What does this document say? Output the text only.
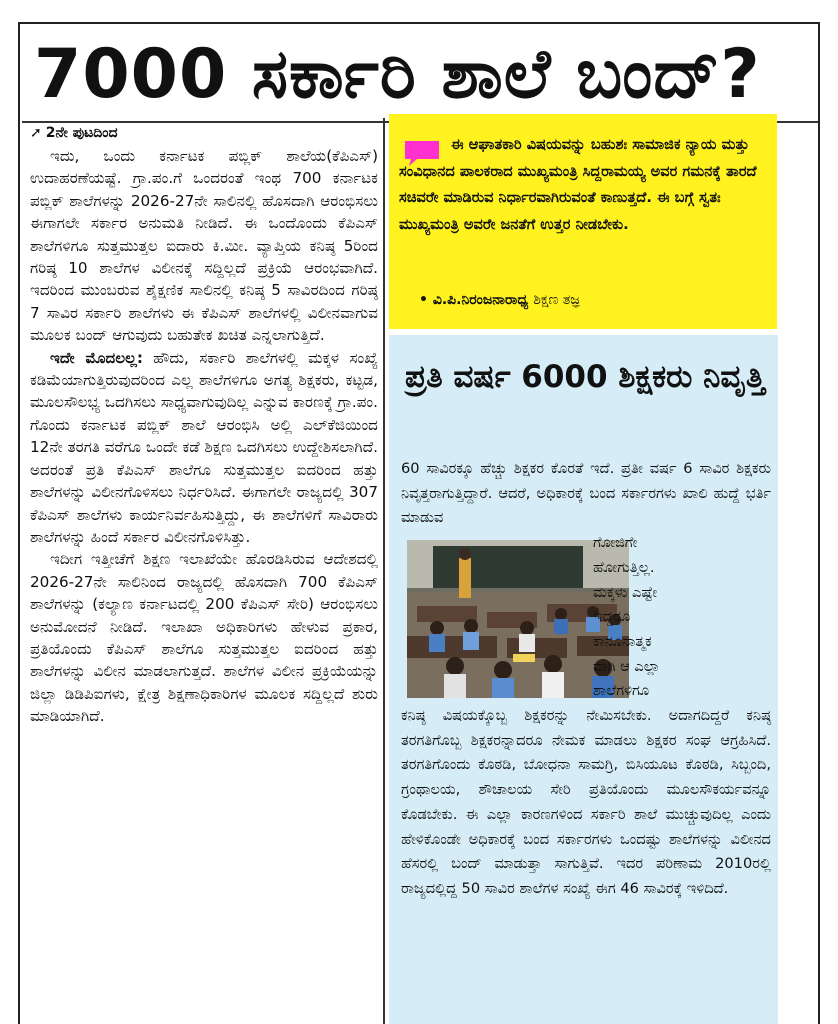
7000 ಸರ್ಕಾರಿ ಶಾಲೆ ಬಂದ್?
➚ 2ನೇ ಪುಟದಿಂದ

ಇದು, ಒಂದು ಕರ್ನಾಟಕ ಪಬ್ಲಿಕ್ ಶಾಲೆಯ(ಕೆಪಿಎಸ್) ಉದಾಹರಣೆಯಷ್ಟೆ. ಗ್ರಾ.ಪಂ.ಗೆ ಒಂದರಂತೆ ಇಂಥ 700 ಕರ್ನಾಟಕ ಪಬ್ಲಿಕ್ ಶಾಲೆಗಳನ್ನು 2026-27ನೇ ಸಾಲಿನಲ್ಲಿ ಹೊಸದಾಗಿ ಆರಂಭಿಸಲು ಈಗಾಗಲೇ ಸರ್ಕಾರ ಅನುಮತಿ ನೀಡಿದೆ. ಈ ಒಂದೊಂದು ಕೆಪಿಎಸ್ ಶಾಲೆಗಳಿಗೂ ಸುತ್ತಮುತ್ತಲ ಐದಾರು ಕಿ.ಮೀ. ವ್ಯಾಪ್ತಿಯ ಕನಿಷ್ಠ 5ರಿಂದ ಗರಿಷ್ಠ 10 ಶಾಲೆಗಳ ವಿಲೀನಕ್ಕೆ ಸದ್ದಿಲ್ಲದೆ ಪ್ರಕ್ರಿಯೆ ಆರಂಭವಾಗಿದೆ. ಇದರಿಂದ ಮುಂಬರುವ ಶೈಕ್ಷಣಿಕ ಸಾಲಿನಲ್ಲಿ ಕನಿಷ್ಠ 5 ಸಾವಿರದಿಂದ ಗರಿಷ್ಠ 7 ಸಾವಿರ ಸರ್ಕಾರಿ ಶಾಲೆಗಳು ಈ ಕೆಪಿಎಸ್ ಶಾಲೆಗಳಲ್ಲಿ ವಿಲೀನವಾಗುವ ಮೂಲಕ ಬಂದ್ ಆಗುವುದು ಬಹುತೇಕ ಖಚಿತ ಎನ್ನಲಾಗುತ್ತಿದೆ.

ಇದೇ ಮೊದಲಲ್ಲ: ಹೌದು, ಸರ್ಕಾರಿ ಶಾಲೆಗಳಲ್ಲಿ ಮಕ್ಕಳ ಸಂಖ್ಯೆ ಕಡಿಮೆಯಾಗುತ್ತಿರುವುದರಿಂದ ಎಲ್ಲ ಶಾಲೆಗಳಿಗೂ ಅಗತ್ಯ ಶಿಕ್ಷಕರು, ಕಟ್ಟಡ, ಮೂಲಸೌಲಭ್ಯ ಒದಗಿಸಲು ಸಾಧ್ಯವಾಗುವುದಿಲ್ಲ ಎನ್ನುವ ಕಾರಣಕ್ಕೆ ಗ್ರಾ.ಪಂ. ಗೊಂದು ಕರ್ನಾಟಕ ಪಬ್ಲಿಕ್ ಶಾಲೆ ಆರಂಭಿಸಿ ಅಲ್ಲಿ ಎಲ್‌ಕೆಜಿಯಿಂದ 12ನೇ ತರಗತಿ ವರೆಗೂ ಒಂದೇ ಕಡೆ ಶಿಕ್ಷಣ ಒದಗಿಸಲು ಉದ್ದೇಶಿಸಲಾಗಿದೆ. ಅದರಂತೆ ಪ್ರತಿ ಕೆಪಿಎಸ್ ಶಾಲೆಗೂ ಸುತ್ತಮುತ್ತಲ ಐದರಿಂದ ಹತ್ತು ಶಾಲೆಗಳನ್ನು ವಿಲೀನಗೊಳಿಸಲು ನಿರ್ಧರಿಸಿದೆ. ಈಗಾಗಲೇ ರಾಜ್ಯದಲ್ಲಿ 307 ಕೆಪಿಎಸ್ ಶಾಲೆಗಳು ಕಾರ್ಯನಿರ್ವಹಿಸುತ್ತಿದ್ದು, ಈ ಶಾಲೆಗಳಿಗೆ ಸಾವಿರಾರು ಶಾಲೆಗಳನ್ನು ಹಿಂದೆ ಸರ್ಕಾರ ವಿಲೀನಗೊಳಿಸಿತ್ತು.

ಇದೀಗ ಇತ್ತೀಚೆಗೆ ಶಿಕ್ಷಣ ಇಲಾಖೆಯೇ ಹೊರಡಿಸಿರುವ ಆದೇಶದಲ್ಲಿ 2026-27ನೇ ಸಾಲಿನಿಂದ ರಾಜ್ಯದಲ್ಲಿ ಹೊಸದಾಗಿ 700 ಕೆಪಿಎಸ್ ಶಾಲೆಗಳನ್ನು (ಕಲ್ಯಾಣ ಕರ್ನಾಟದಲ್ಲಿ 200 ಕೆಪಿಎಸ್ ಸೇರಿ) ಆರಂಭಿಸಲು ಅನುಮೋದನೆ ನೀಡಿದೆ. ಇಲಾಖಾ ಅಧಿಕಾರಿಗಳು ಹೇಳುವ ಪ್ರಕಾರ, ಪ್ರತಿಯೊಂದು ಕೆಪಿಎಸ್ ಶಾಲೆಗೂ ಸುತ್ತಮುತ್ತಲ ಐದರಿಂದ ಹತ್ತು ಶಾಲೆಗಳನ್ನು ವಿಲೀನ ಮಾಡಲಾಗುತ್ತದೆ. ಶಾಲೆಗಳ ವಿಲೀನ ಪ್ರಕ್ರಿಯೆಯನ್ನು ಜಿಲ್ಲಾ ಡಿಡಿಪಿಐಗಳು, ಕ್ಷೇತ್ರ ಶಿಕ್ಷಣಾಧಿಕಾರಿಗಳ ಮೂಲಕ ಸದ್ದಿಲ್ಲದೆ ಶುರು ಮಾಡಿಯಾಗಿದೆ.

ಈ ಆಘಾತಕಾರಿ ವಿಷಯವನ್ನು ಬಹುಶಃ ಸಾಮಾಜಿಕ ನ್ಯಾಯ ಮತ್ತು ಸಂವಿಧಾನದ ಪಾಲಕರಾದ ಮುಖ್ಯಮಂತ್ರಿ ಸಿದ್ದರಾಮಯ್ಯ ಅವರ ಗಮನಕ್ಕೆ ತಾರದೆ ಸಚಿವರೇ ಮಾಡಿರುವ ನಿರ್ಧಾರವಾಗಿರುವಂತೆ ಕಾಣುತ್ತದೆ. ಈ ಬಗ್ಗೆ ಸ್ವತಃ ಮುಖ್ಯಮಂತ್ರಿ ಅವರೇ ಜನತೆಗೆ ಉತ್ತರ ನೀಡಬೇಕು.
• ವಿ.ಪಿ.ನಿರಂಜನಾರಾಧ್ಯ ಶಿಕ್ಷಣ ತಜ್ಞ
ಪ್ರತಿ ವರ್ಷ 6000 ಶಿಕ್ಷಕರು ನಿವೃತ್ತಿ

60 ಸಾವಿರಕ್ಕೂ ಹೆಚ್ಚು ಶಿಕ್ಷಕರ ಕೊರತೆ ಇದೆ. ಪ್ರತೀ ವರ್ಷ 6 ಸಾವಿರ ಶಿಕ್ಷಕರು ನಿವೃತ್ತರಾಗುತ್ತಿದ್ದಾರೆ. ಆದರೆ, ಅಧಿಕಾರಕ್ಕೆ ಬಂದ ಸರ್ಕಾರಗಳು ಖಾಲಿ ಹುದ್ದೆ ಭರ್ತಿ ಮಾಡುವ

ಗೋಜಿಗೇ
ಹೋಗುತ್ತಿಲ್ಲ.
ಮಕ್ಕಳು ಎಷ್ಟೇ
ಇದ್ದರೂ
ಕಾನೂನಾತ್ಮಕ
ವಾಗಿ ಆ ಎಲ್ಲಾ
ಶಾಲೆಗಳಿಗೂ

ಕನಿಷ್ಠ ವಿಷಯಕ್ಕೊಬ್ಬ ಶಿಕ್ಷಕರನ್ನು ನೇಮಿಸಬೇಕು. ಅದಾಗದಿದ್ದರೆ ಕನಿಷ್ಠ ತರಗತಿಗೊಬ್ಬ ಶಿಕ್ಷಕರನ್ನಾದರೂ ನೇಮಕ ಮಾಡಲು ಶಿಕ್ಷಕರ ಸಂಘ ಆಗ್ರಹಿಸಿದೆ. ತರಗತಿಗೊಂದು ಕೊಠಡಿ, ಬೋಧನಾ ಸಾಮಗ್ರಿ, ಬಿಸಿಯೂಟ ಕೊಠಡಿ, ಸಿಬ್ಬಂದಿ, ಗ್ರಂಥಾಲಯ, ಶೌಚಾಲಯ ಸೇರಿ ಪ್ರತಿಯೊಂದು ಮೂಲಸೌಕರ್ಯವನ್ನೂ ಕೊಡಬೇಕು. ಈ ಎಲ್ಲಾ ಕಾರಣಗಳಿಂದ ಸರ್ಕಾರಿ ಶಾಲೆ ಮುಚ್ಚುವುದಿಲ್ಲ ಎಂದು ಹೇಳಿಕೊಂಡೇ ಅಧಿಕಾರಕ್ಕೆ ಬಂದ ಸರ್ಕಾರಗಳು ಒಂದಷ್ಟು ಶಾಲೆಗಳನ್ನು ವಿಲೀನದ ಹೆಸರಲ್ಲಿ ಬಂದ್ ಮಾಡುತ್ತಾ ಸಾಗುತ್ತಿವೆ. ಇದರ ಪರಿಣಾಮ 2010ರಲ್ಲಿ ರಾಜ್ಯದಲ್ಲಿದ್ದ 50 ಸಾವಿರ ಶಾಲೆಗಳ ಸಂಖ್ಯೆ ಈಗ 46 ಸಾವಿರಕ್ಕೆ ಇಳಿದಿದೆ.
